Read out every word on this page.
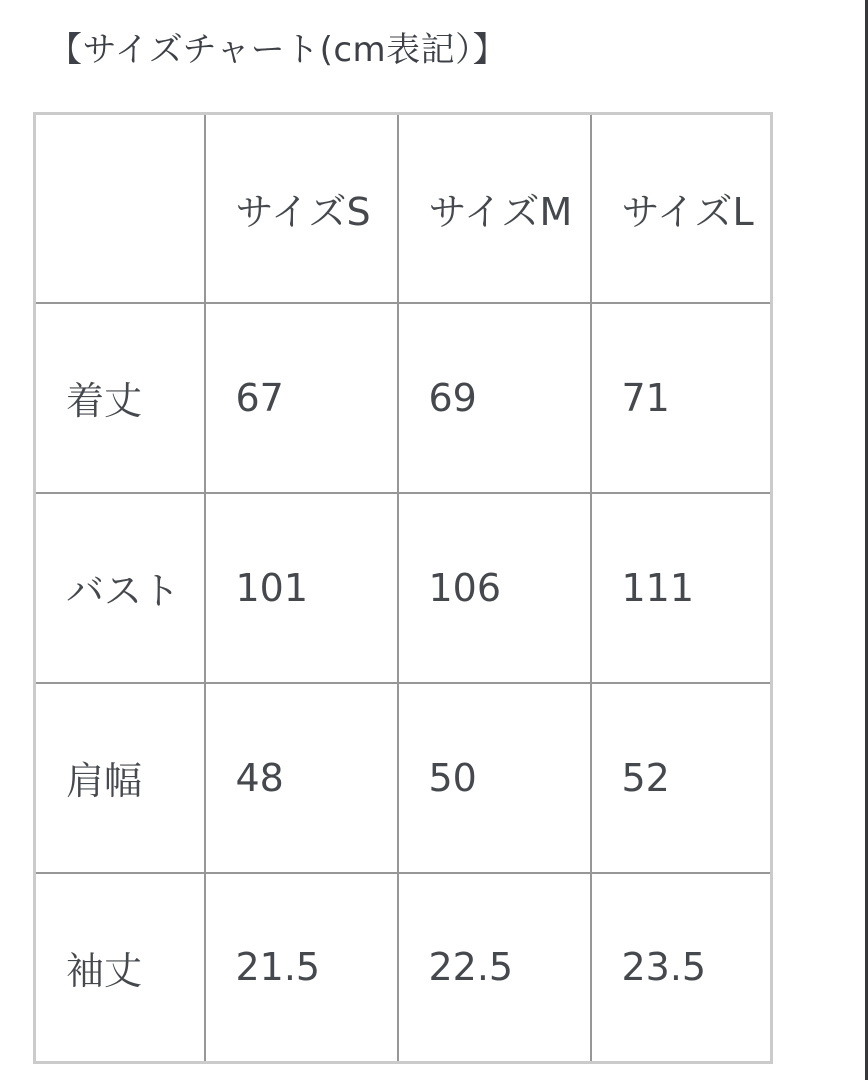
【サイズチャート(cm表記）】
	サイズS	サイズM	サイズL
着丈	67	69	71
バスト	101	106	111
肩幅	48	50	52
袖丈	21.5	22.5	23.5
